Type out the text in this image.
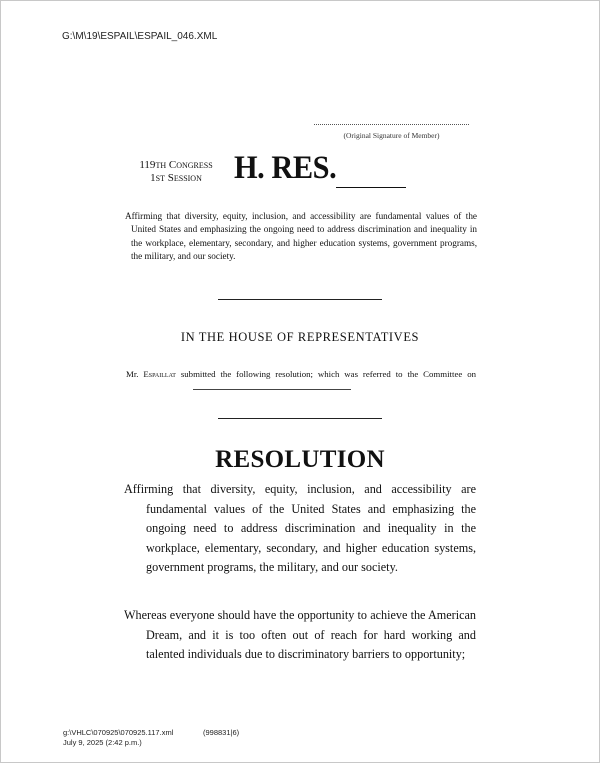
G:\M\19\ESPAIL\ESPAIL_046.XML
(Original Signature of Member)
119th Congress
1st Session H. RES.
Affirming that diversity, equity, inclusion, and accessibility are fundamental values of the United States and emphasizing the ongoing need to address discrimination and inequality in the workplace, elementary, secondary, and higher education systems, government programs, the military, and our society.
IN THE HOUSE OF REPRESENTATIVES
Mr. Espaillat submitted the following resolution; which was referred to the Committee on
RESOLUTION
Affirming that diversity, equity, inclusion, and accessibility are fundamental values of the United States and emphasizing the ongoing need to address discrimination and inequality in the workplace, elementary, secondary, and higher education systems, government programs, the military, and our society.
Whereas everyone should have the opportunity to achieve the American Dream, and it is too often out of reach for hard working and talented individuals due to discriminatory barriers to opportunity;
g:\VHLC\070925\070925.117.xml	(998831|6)
July 9, 2025 (2:42 p.m.)
